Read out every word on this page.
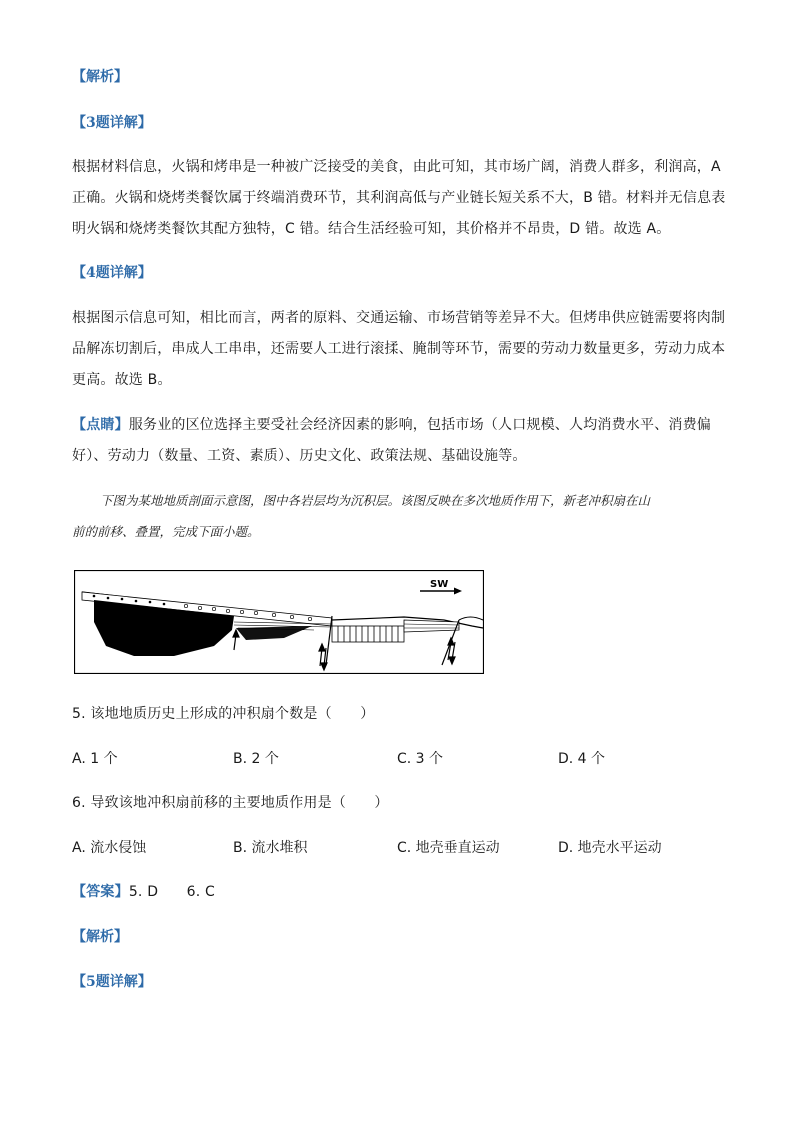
【解析】
【3题详解】
根据材料信息，火锅和烤串是一种被广泛接受的美食，由此可知，其市场广阔，消费人群多，利润高，A
正确。火锅和烧烤类餐饮属于终端消费环节，其利润高低与产业链长短关系不大，B 错。材料并无信息表
明火锅和烧烤类餐饮其配方独特，C 错。结合生活经验可知，其价格并不昂贵，D 错。故选 A。
【4题详解】
根据图示信息可知，相比而言，两者的原料、交通运输、市场营销等差异不大。但烤串供应链需要将肉制
品解冻切割后，串成人工串串，还需要人工进行滚揉、腌制等环节，需要的劳动力数量更多，劳动力成本
更高。故选 B。
【点睛】服务业的区位选择主要受社会经济因素的影响，包括市场（人口规模、人均消费水平、消费偏
好）、劳动力（数量、工资、素质）、历史文化、政策法规、基础设施等。
下图为某地地质剖面示意图，图中各岩层均为沉积层。该图反映在多次地质作用下，新老冲积扇在山
前的前移、叠置，完成下面小题。
SW
5. 该地地质历史上形成的冲积扇个数是（　　）
A. 1 个	B. 2 个	C. 3 个	D. 4 个
6. 导致该地冲积扇前移的主要地质作用是（　　）
A. 流水侵蚀	B. 流水堆积	C. 地壳垂直运动	D. 地壳水平运动
【答案】5. D　　6. C
【解析】
【5题详解】
